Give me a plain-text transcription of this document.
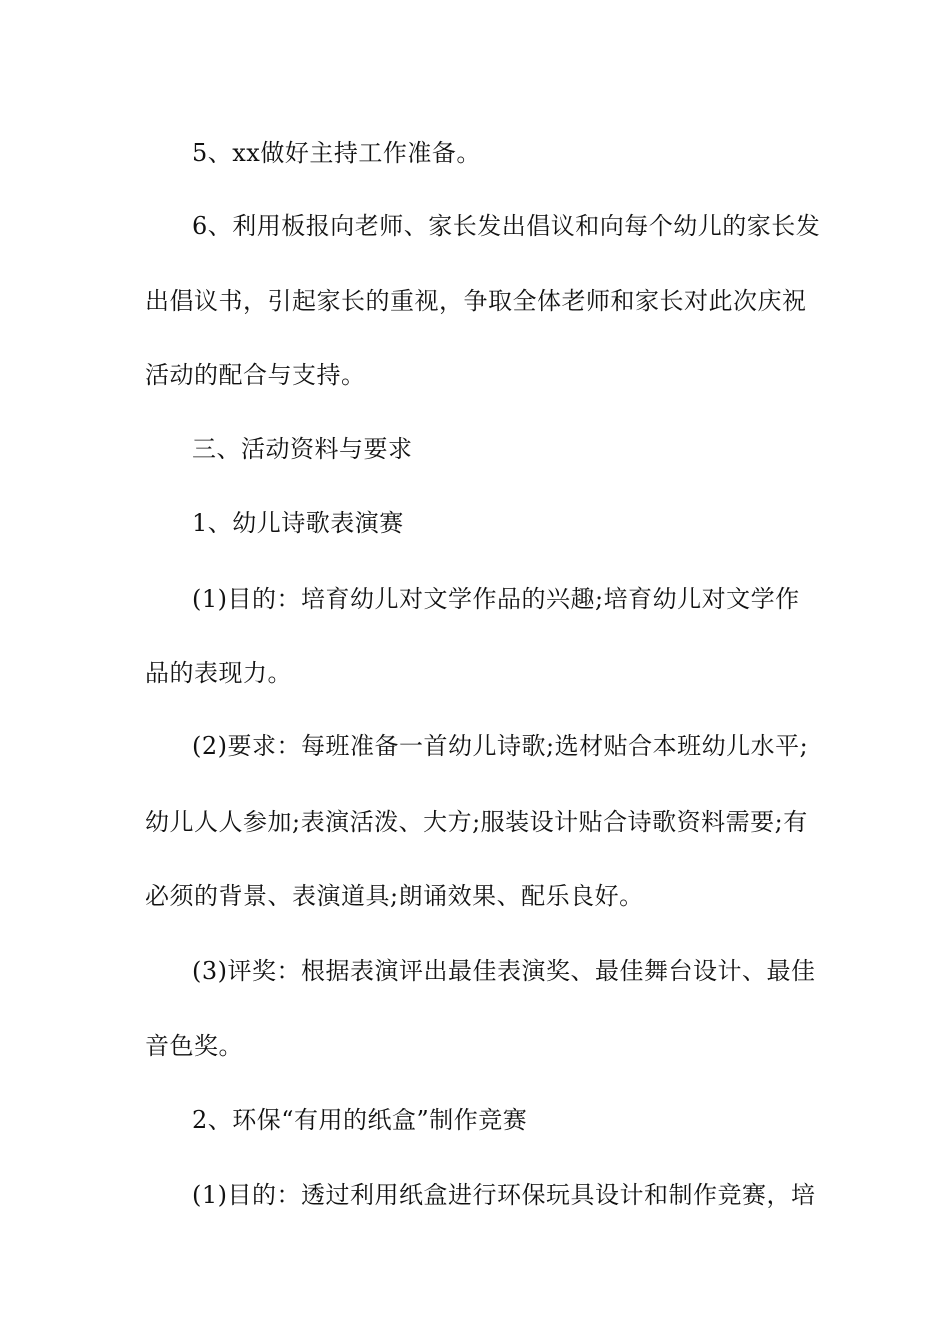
5、xx做好主持工作准备。
6、利用板报向老师、家长发出倡议和向每个幼儿的家长发
出倡议书，引起家长的重视，争取全体老师和家长对此次庆祝
活动的配合与支持。
三、活动资料与要求
1、幼儿诗歌表演赛
(1)目的：培育幼儿对文学作品的兴趣;培育幼儿对文学作
品的表现力。
(2)要求：每班准备一首幼儿诗歌;选材贴合本班幼儿水平;
幼儿人人参加;表演活泼、大方;服装设计贴合诗歌资料需要;有
必须的背景、表演道具;朗诵效果、配乐良好。
(3)评奖：根据表演评出最佳表演奖、最佳舞台设计、最佳
音色奖。
2、环保“有用的纸盒”制作竞赛
(1)目的：透过利用纸盒进行环保玩具设计和制作竞赛，培
